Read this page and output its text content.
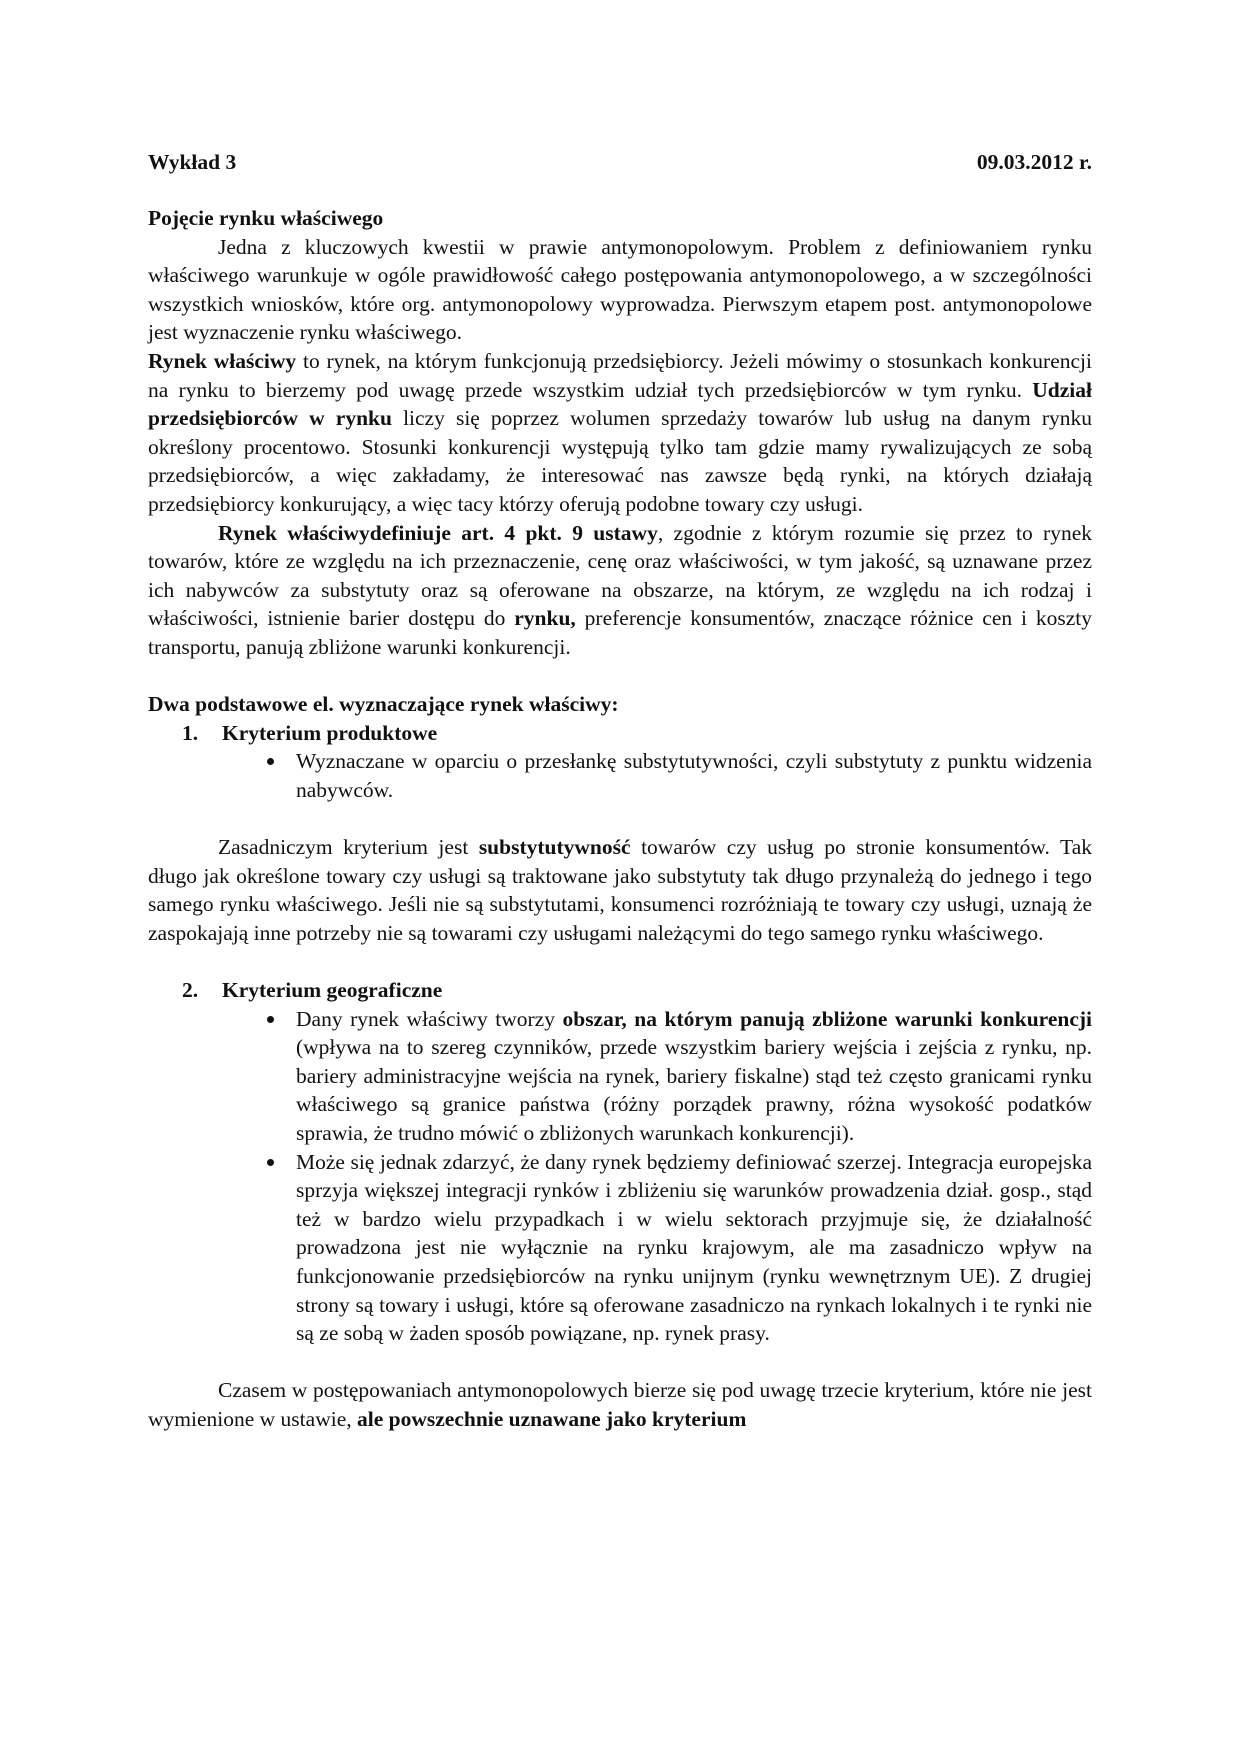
Wykład 3	09.03.2012 r.
Pojęcie rynku właściwego

Jedna z kluczowych kwestii w prawie antymonopolowym. Problem z definiowaniem rynku właściwego warunkuje w ogóle prawidłowość całego postępowania antymonopolowego, a w szczególności wszystkich wniosków, które org. antymonopolowy wyprowadza. Pierwszym etapem post. antymonopolowe jest wyznaczenie rynku właściwego.

Rynek właściwy to rynek, na którym funkcjonują przedsiębiorcy. Jeżeli mówimy o stosunkach konkurencji na rynku to bierzemy pod uwagę przede wszystkim udział tych przedsiębiorców w tym rynku. Udział przedsiębiorców w rynku liczy się poprzez wolumen sprzedaży towarów lub usług na danym rynku określony procentowo. Stosunki konkurencji występują tylko tam gdzie mamy rywalizujących ze sobą przedsiębiorców, a więc zakładamy, że interesować nas zawsze będą rynki, na których działają przedsiębiorcy konkurujący, a więc tacy którzy oferują podobne towary czy usługi.

Rynek właściwydefiniuje art. 4 pkt. 9 ustawy, zgodnie z którym rozumie się przez to rynek towarów, które ze względu na ich przeznaczenie, cenę oraz właściwości, w tym jakość, są uznawane przez ich nabywców za substytuty oraz są oferowane na obszarze, na którym, ze względu na ich rodzaj i właściwości, istnienie barier dostępu do rynku, preferencje konsumentów, znaczące różnice cen i koszty transportu, panują zbliżone warunki konkurencji.

Dwa podstawowe el. wyznaczające rynek właściwy:
1.	Kryterium produktowe

Wyznaczane w oparciu o przesłankę substytutywności, czyli substytuty z punktu widzenia nabywców.

Zasadniczym kryterium jest substytutywność towarów czy usług po stronie konsumentów. Tak długo jak określone towary czy usługi są traktowane jako substytuty tak długo przynależą do jednego i tego samego rynku właściwego. Jeśli nie są substytutami, konsumenci rozróżniają te towary czy usługi, uznają że zaspokajają inne potrzeby nie są towarami czy usługami należącymi do tego samego rynku właściwego.

2.	Kryterium geograficzne

Dany rynek właściwy tworzy obszar, na którym panują zbliżone warunki konkurencji (wpływa na to szereg czynników, przede wszystkim bariery wejścia i zejścia z rynku, np. bariery administracyjne wejścia na rynek, bariery fiskalne) stąd też często granicami rynku właściwego są granice państwa (różny porządek prawny, różna wysokość podatków sprawia, że trudno mówić o zbliżonych warunkach konkurencji).

Może się jednak zdarzyć, że dany rynek będziemy definiować szerzej. Integracja europejska sprzyja większej integracji rynków i zbliżeniu się warunków prowadzenia dział. gosp., stąd też w bardzo wielu przypadkach i w wielu sektorach przyjmuje się, że działalność prowadzona jest nie wyłącznie na rynku krajowym, ale ma zasadniczo wpływ na funkcjonowanie przedsiębiorców na rynku unijnym (rynku wewnętrznym UE). Z drugiej strony są towary i usługi, które są oferowane zasadniczo na rynkach lokalnych i te rynki nie są ze sobą w żaden sposób powiązane, np. rynek prasy.

Czasem w postępowaniach antymonopolowych bierze się pod uwagę trzecie kryterium, które nie jest wymienione w ustawie, ale powszechnie uznawane jako kryterium
